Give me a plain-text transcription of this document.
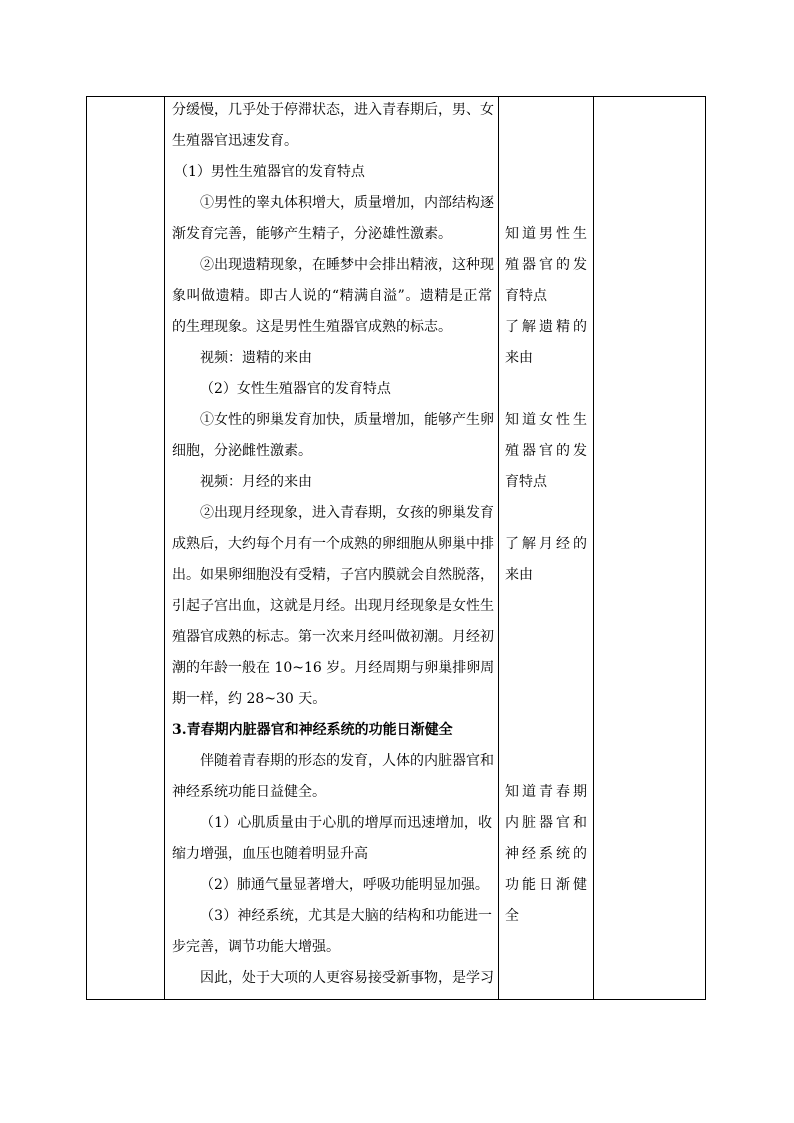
分缓慢，几乎处于停滞状态，进入青春期后，男、女
生殖器官迅速发育。
（1）男性生殖器官的发育特点
①男性的睾丸体积增大，质量增加，内部结构逐
渐发育完善，能够产生精子，分泌雄性激素。
②出现遗精现象，在睡梦中会排出精液，这种现
象叫做遗精。即古人说的“精满自溢”。遗精是正常
的生理现象。这是男性生殖器官成熟的标志。
视频：遗精的来由
（2）女性生殖器官的发育特点
①女性的卵巢发育加快，质量增加，能够产生卵
细胞，分泌雌性激素。
视频：月经的来由
②出现月经现象，进入青春期，女孩的卵巢发育
成熟后，大约每个月有一个成熟的卵细胞从卵巢中排
出。如果卵细胞没有受精，子宫内膜就会自然脱落，
引起子宫出血，这就是月经。出现月经现象是女性生
殖器官成熟的标志。第一次来月经叫做初潮。月经初
潮的年龄一般在 10~16 岁。月经周期与卵巢排卵周
期一样，约 28~30 天。
3.青春期内脏器官和神经系统的功能日渐健全
伴随着青春期的形态的发育，人体的内脏器官和
神经系统功能日益健全。
（1）心肌质量由于心肌的增厚而迅速增加，收
缩力增强，血压也随着明显升高
（2）肺通气量显著增大，呼吸功能明显加强。
（3）神经系统，尤其是大脑的结构和功能进一
步完善，调节功能大增强。
因此，处于大项的人更容易接受新事物，是学习
知道男性生
殖器官的发
育特点
了解遗精的
来由
知道女性生
殖器官的发
育特点
了解月经的
来由
知道青春期
内脏器官和
神经系统的
功能日渐健
全
